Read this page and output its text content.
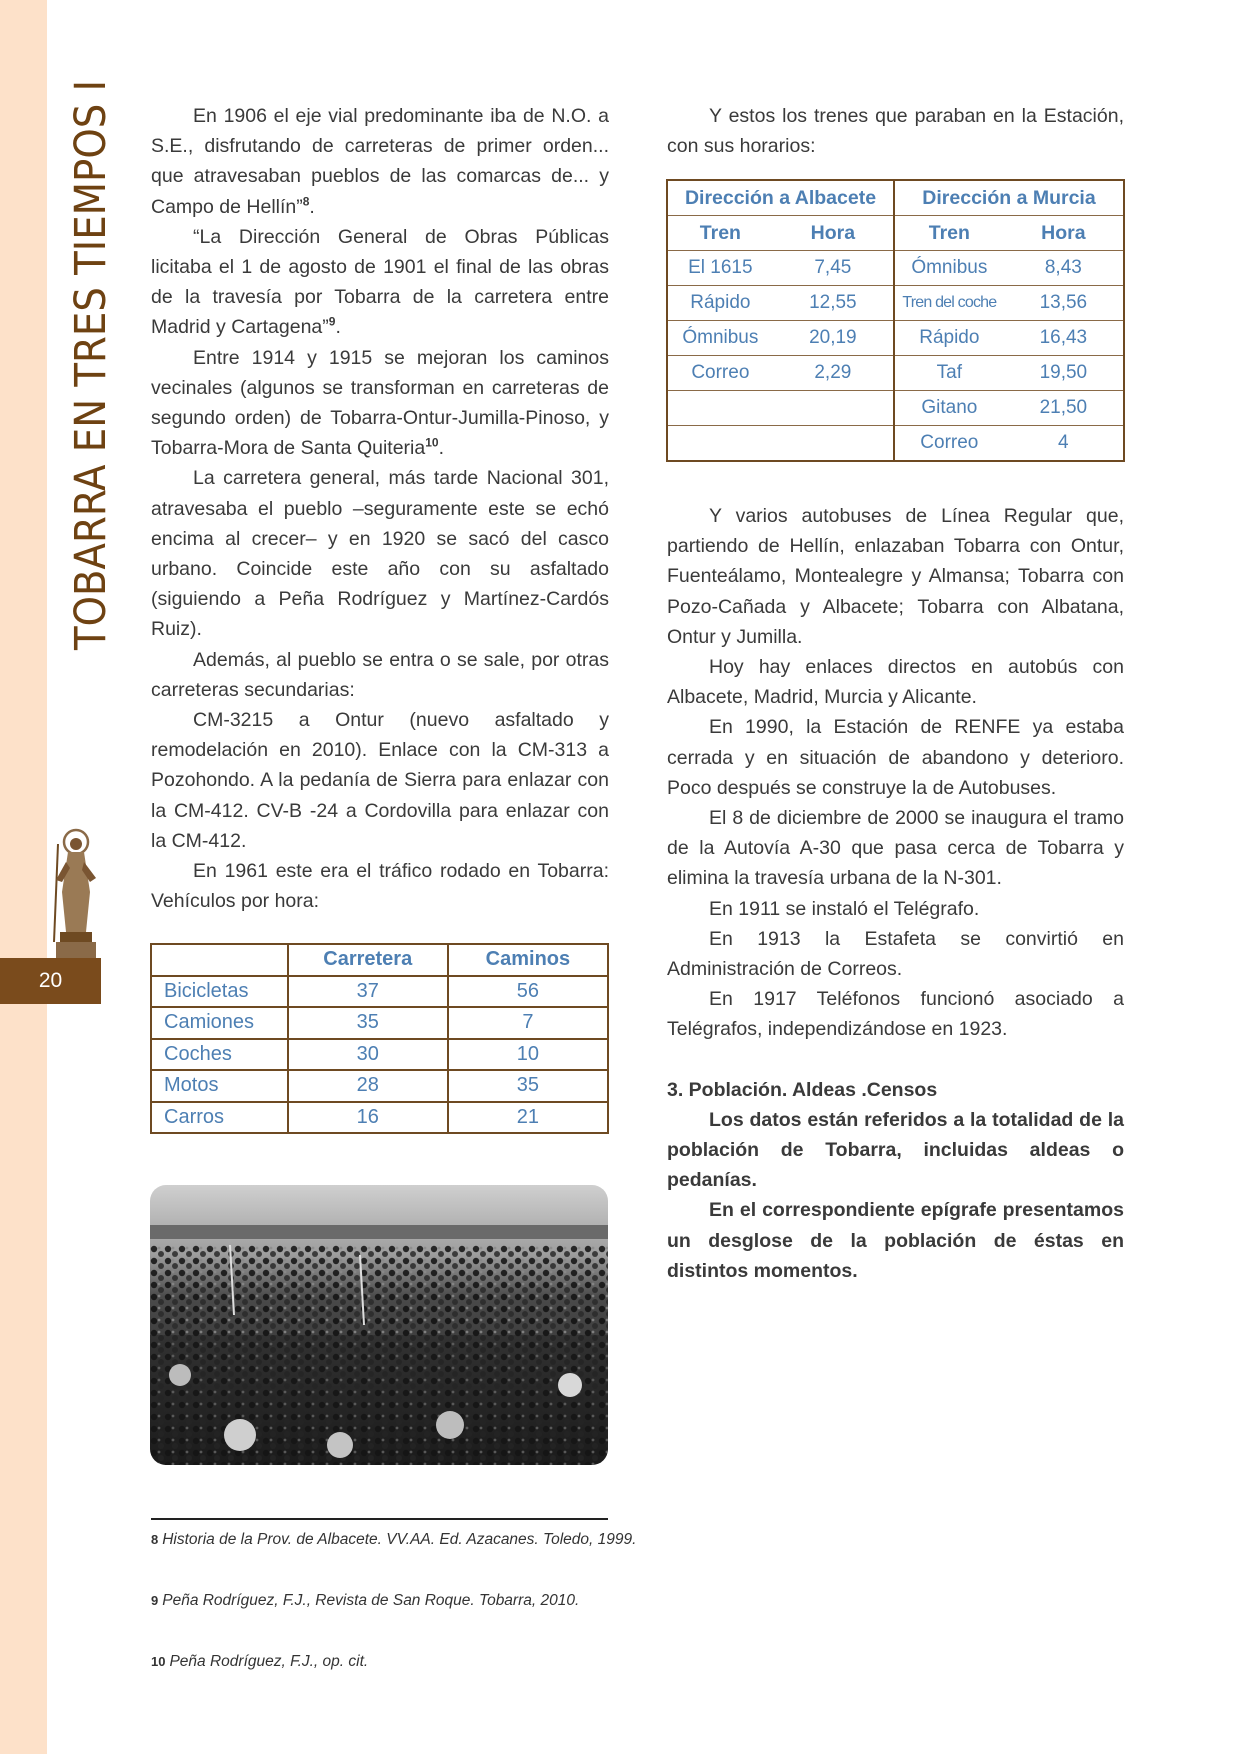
TOBARRA EN TRES TIEMPOS I
20

En 1906 el eje vial predominante iba de N.O. a S.E., disfrutando de carreteras de primer orden... que atravesaban pueblos de las comarcas de... y Campo de Hellín”$^8$.

“La Dirección General de Obras Públicas licitaba el 1 de agosto de 1901 el final de las obras de la travesía por Tobarra de la carretera entre Madrid y Cartagena”$^9$.

Entre 1914 y 1915 se mejoran los caminos vecinales (algunos se transforman en carreteras de segundo orden) de Tobarra-Ontur-Jumilla-Pinoso, y Tobarra-Mora de Santa Quiteria$^{10}$.

La carretera general, más tarde Nacional 301, atravesaba el pueblo –seguramente este se echó encima al crecer– y en 1920 se sacó del casco urbano. Coincide este año con su asfaltado (siguiendo a Peña Rodríguez y Martínez-Cardós Ruiz).

Además, al pueblo se entra o se sale, por otras carreteras secundarias:

CM-3215 a Ontur (nuevo asfaltado y remodelación en 2010). Enlace con la CM-313 a Pozohondo. A la pedanía de Sierra para enlazar con la CM-412. CV-B -24 a Cordovilla para enlazar con la CM-412.

En 1961 este era el tráfico rodado en Tobarra: Vehículos por hora:

	Carretera	Caminos
Bicicletas	37	56
Camiones	35	7
Coches	30	10
Motos	28	35
Carros	16	21

Y estos los trenes que paraban en la Estación, con sus horarios:

Dirección a Albacete		Dirección a Murcia	
Tren	Hora	Tren	Hora
El 1615	7,45	Ómnibus	8,43
Rápido	12,55	Tren del coche	13,56
Ómnibus	20,19	Rápido	16,43
Correo	2,29	Taf	19,50
		Gitano	21,50
		Correo	4

Y varios autobuses de Línea Regular que, partiendo de Hellín, enlazaban Tobarra con Ontur, Fuenteálamo, Montealegre y Almansa; Tobarra con Pozo-Cañada y Albacete; Tobarra con Albatana, Ontur y Jumilla.

Hoy hay enlaces directos en autobús con Albacete, Madrid, Murcia y Alicante.

En 1990, la Estación de RENFE ya estaba cerrada y en situación de abandono y deterioro. Poco después se construye la de Autobuses.

El 8 de diciembre de 2000 se inaugura el tramo de la Autovía A-30 que pasa cerca de Tobarra y elimina la travesía urbana de la N-301.

En 1911 se instaló el Telégrafo.

En 1913 la Estafeta se convirtió en Administración de Correos.

En 1917 Teléfonos funcionó asociado a Telégrafos, independizándose en 1923.

3. Población. Aldeas .Censos

Los datos están referidos a la totalidad de la población de Tobarra, incluidas aldeas o pedanías.

En el correspondiente epígrafe presentamos un desglose de la población de éstas en distintos momentos.

8 Historia de la Prov. de Albacete. VV.AA. Ed. Azacanes. Toledo, 1999.
9 Peña Rodríguez, F.J., Revista de San Roque. Tobarra, 2010.
10 Peña Rodríguez, F.J., op. cit.
